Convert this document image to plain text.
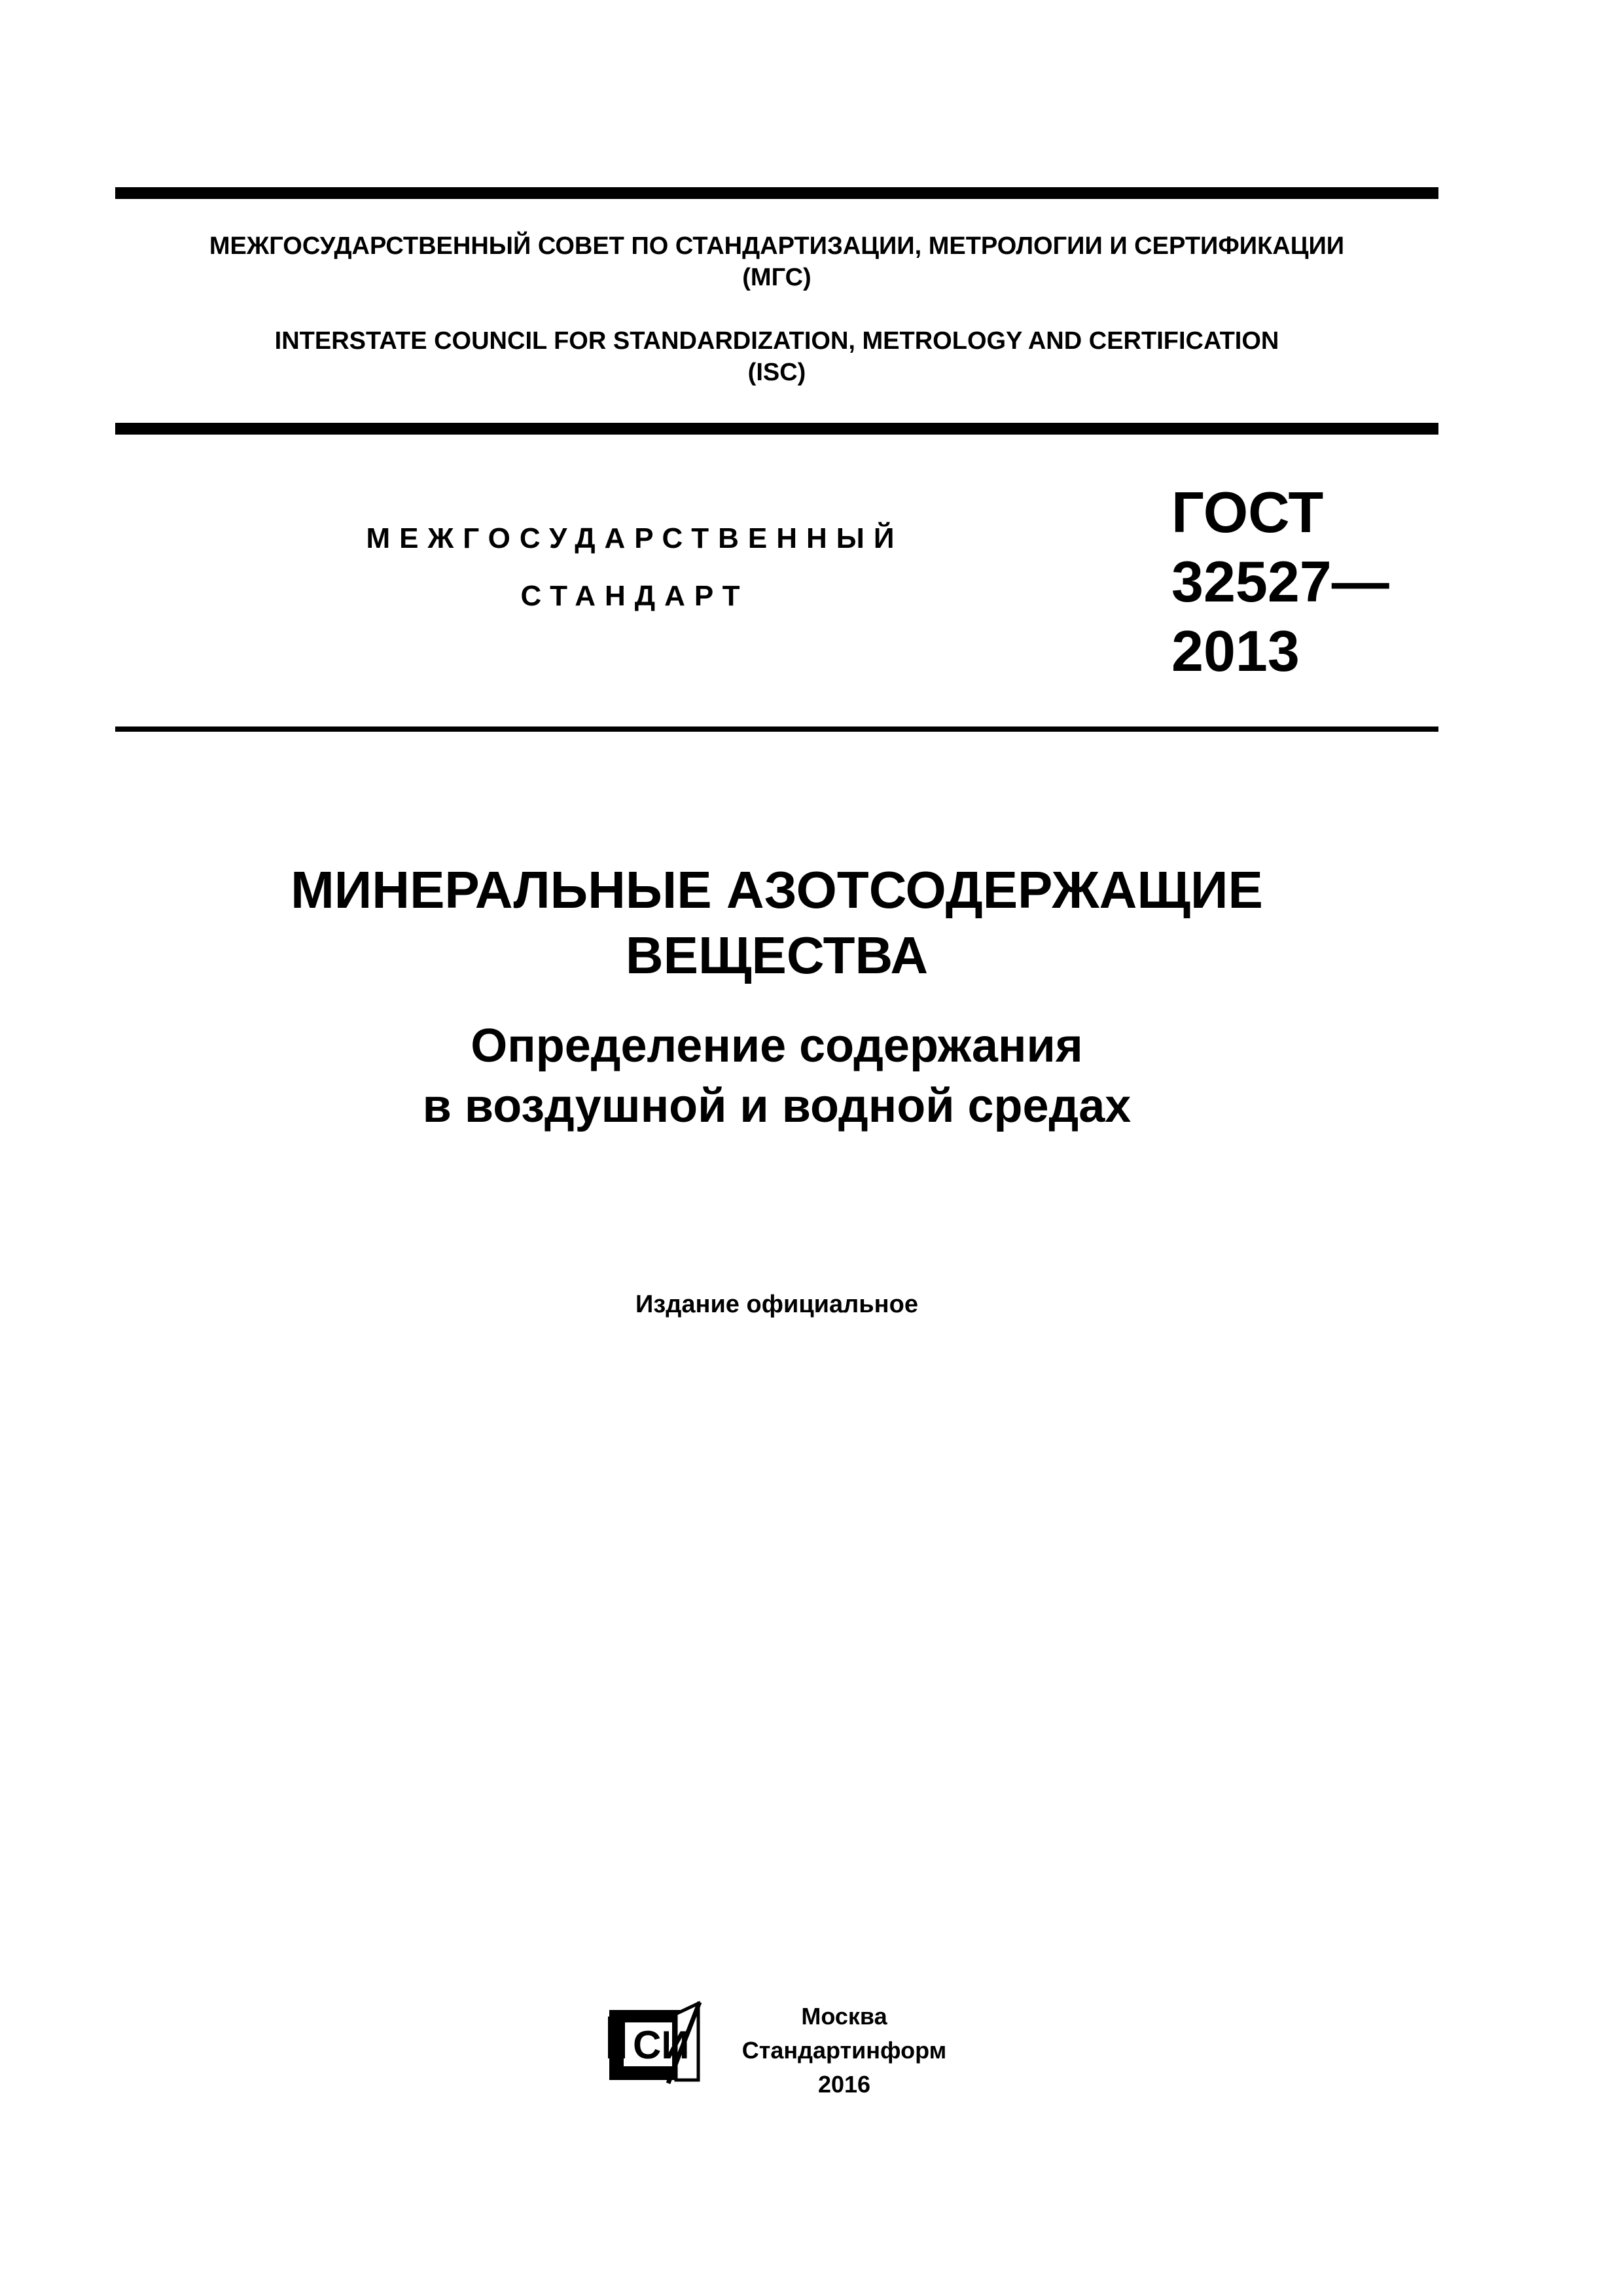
МЕЖГОСУДАРСТВЕННЫЙ СОВЕТ ПО СТАНДАРТИЗАЦИИ, МЕТРОЛОГИИ И СЕРТИФИКАЦИИ
(МГС)
INTERSTATE COUNCIL FOR STANDARDIZATION, METROLOGY AND CERTIFICATION
(ISC)
МЕЖГОСУДАРСТВЕННЫЙ
СТАНДАРТ
ГОСТ
32527—
2013
МИНЕРАЛЬНЫЕ АЗОТСОДЕРЖАЩИЕ
ВЕЩЕСТВА
Определение содержания
в воздушной и водной средах
Издание официальное
СИ
Москва
Стандартинформ
2016
